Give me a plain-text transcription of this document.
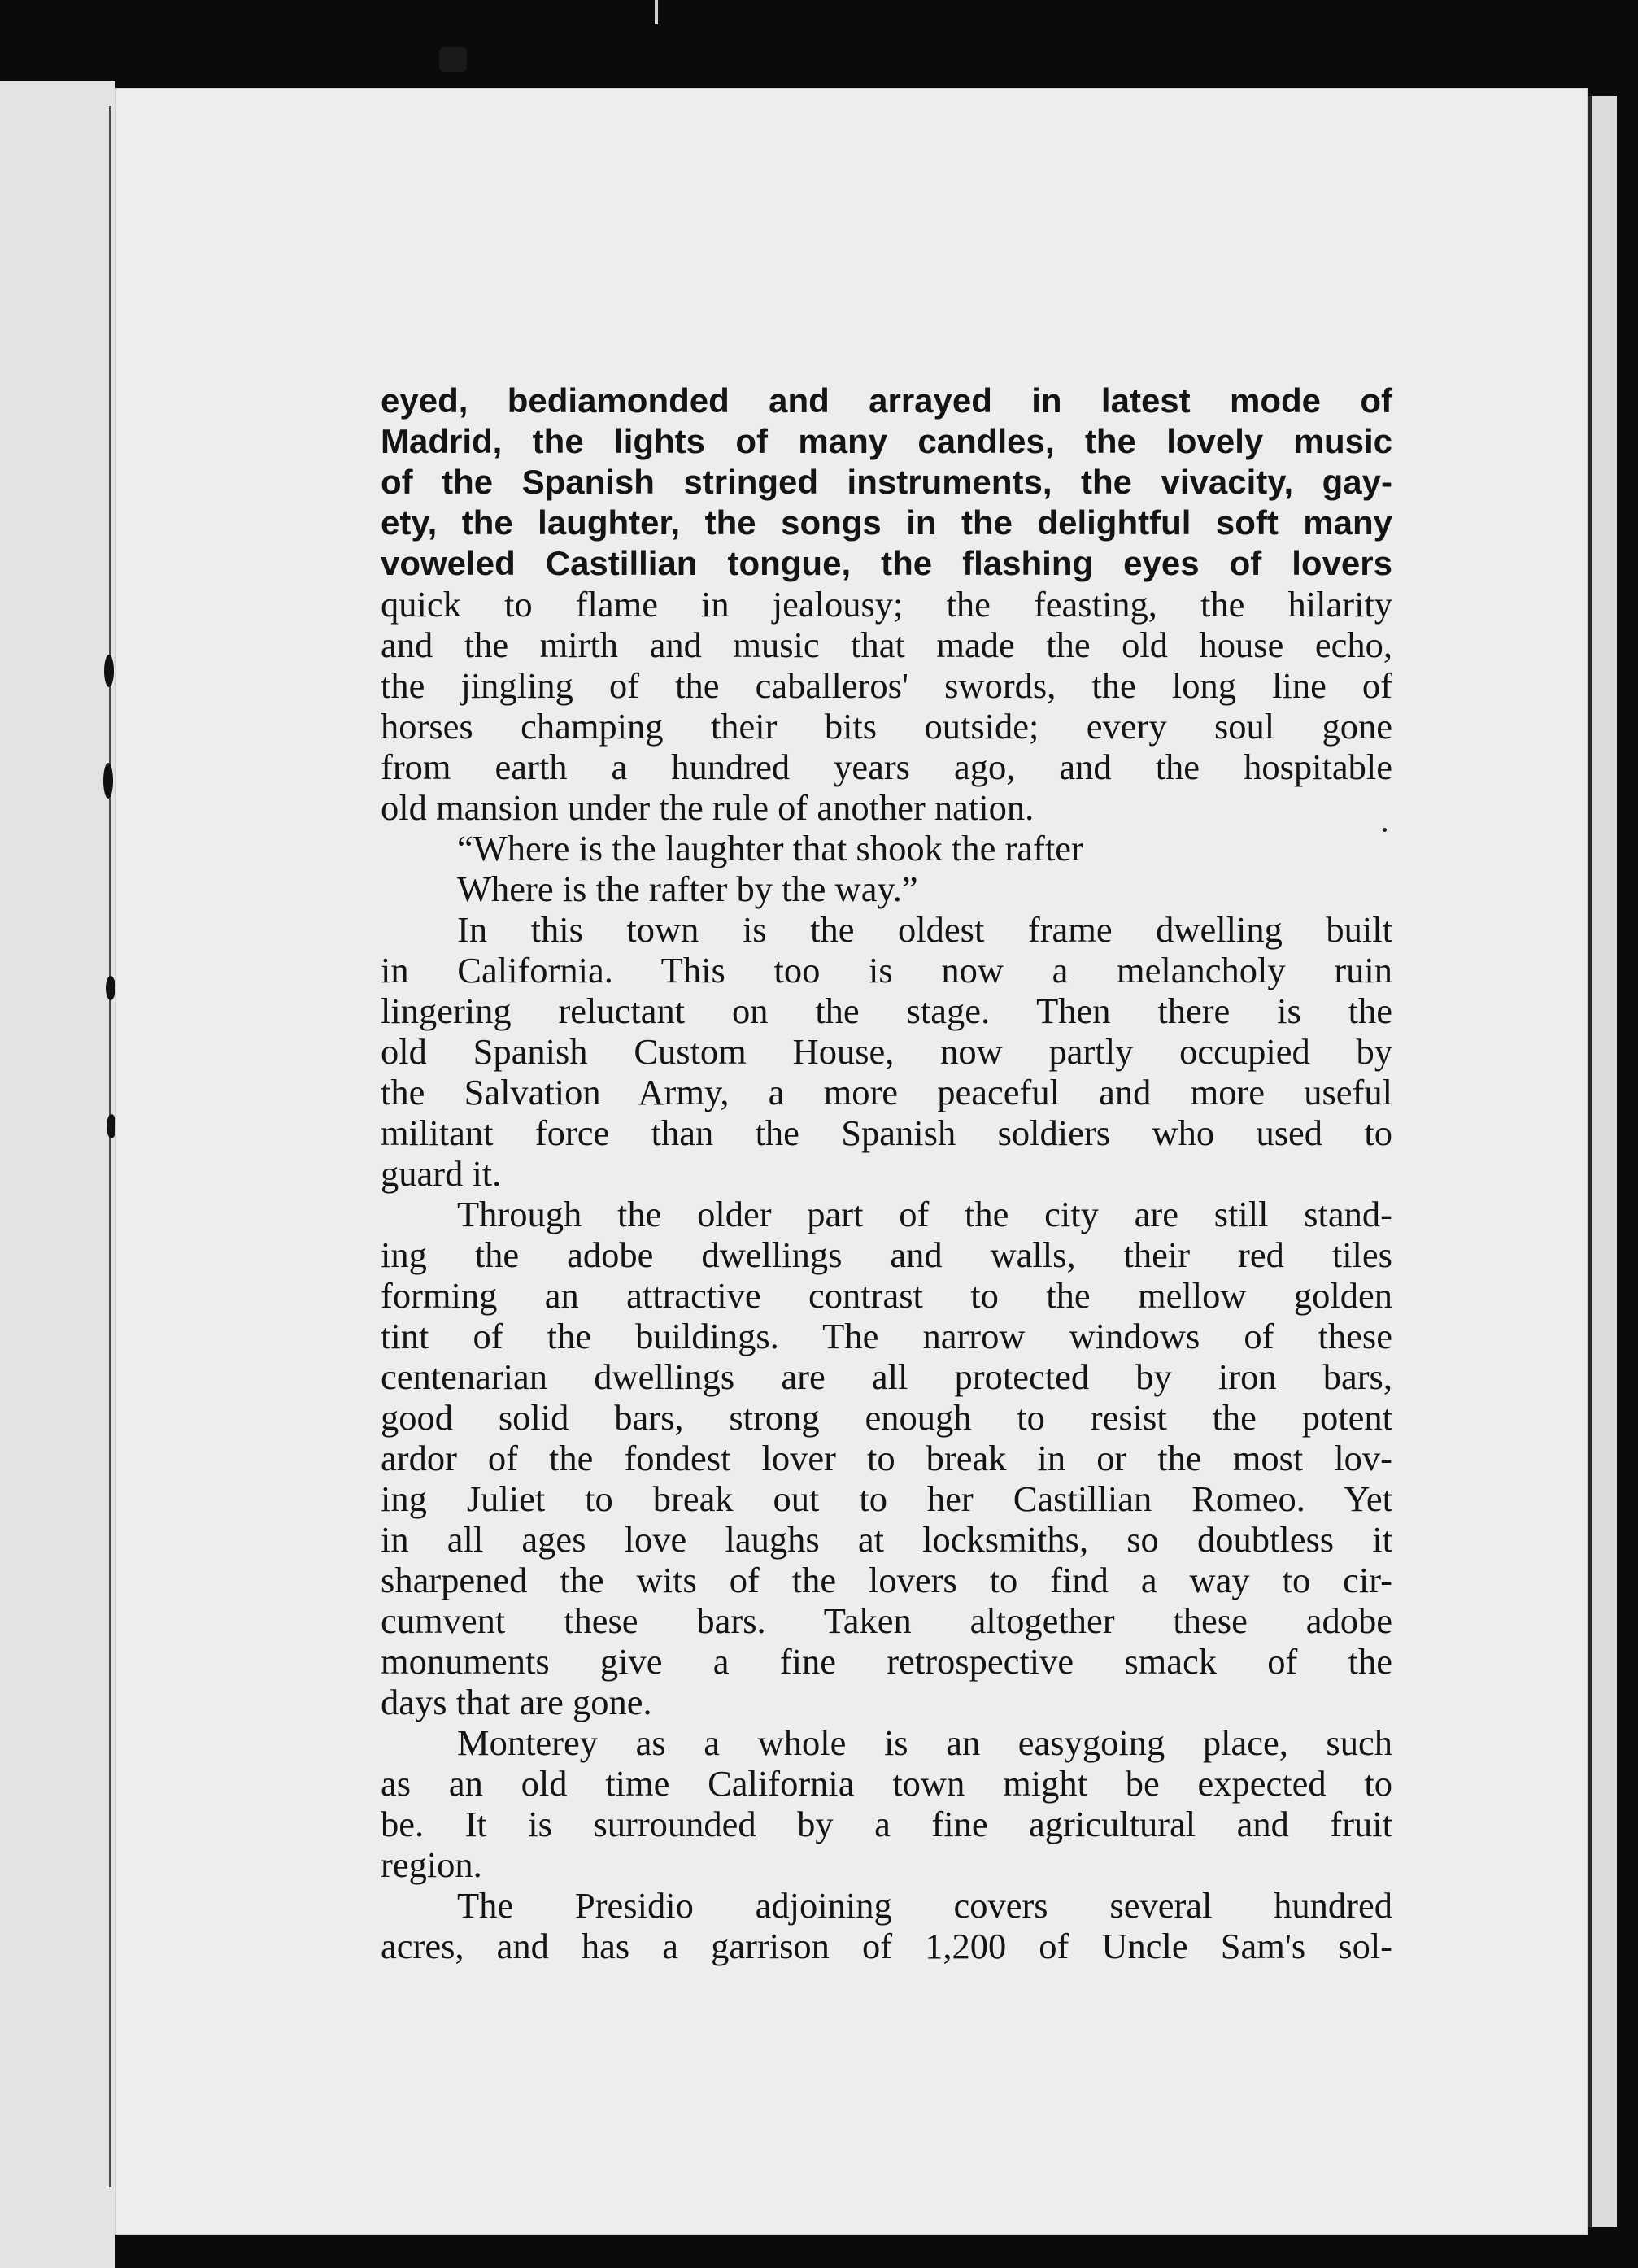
eyed, bediamonded and arrayed in latest mode of
Madrid, the lights of many candles, the lovely music
of the Spanish stringed instruments, the vivacity, gay-
ety, the laughter, the songs in the delightful soft many
voweled Castillian tongue, the flashing eyes of lovers
quick to flame in jealousy; the feasting, the hilarity
and the mirth and music that made the old house echo,
the jingling of the caballeros' swords, the long line of
horses champing their bits outside; every soul gone
from earth a hundred years ago, and the hospitable
old mansion under the rule of another nation.
“Where is the laughter that shook the rafter
Where is the rafter by the way.”
In this town is the oldest frame dwelling built
in California. This too is now a melancholy ruin
lingering reluctant on the stage. Then there is the
old Spanish Custom House, now partly occupied by
the Salvation Army, a more peaceful and more useful
militant force than the Spanish soldiers who used to
guard it.
Through the older part of the city are still stand-
ing the adobe dwellings and walls, their red tiles
forming an attractive contrast to the mellow golden
tint of the buildings. The narrow windows of these
centenarian dwellings are all protected by iron bars,
good solid bars, strong enough to resist the potent
ardor of the fondest lover to break in or the most lov-
ing Juliet to break out to her Castillian Romeo. Yet
in all ages love laughs at locksmiths, so doubtless it
sharpened the wits of the lovers to find a way to cir-
cumvent these bars. Taken altogether these adobe
monuments give a fine retrospective smack of the
days that are gone.
Monterey as a whole is an easygoing place, such
as an old time California town might be expected to
be. It is surrounded by a fine agricultural and fruit
region.
The Presidio adjoining covers several hundred
acres, and has a garrison of 1,200 of Uncle Sam's sol-
